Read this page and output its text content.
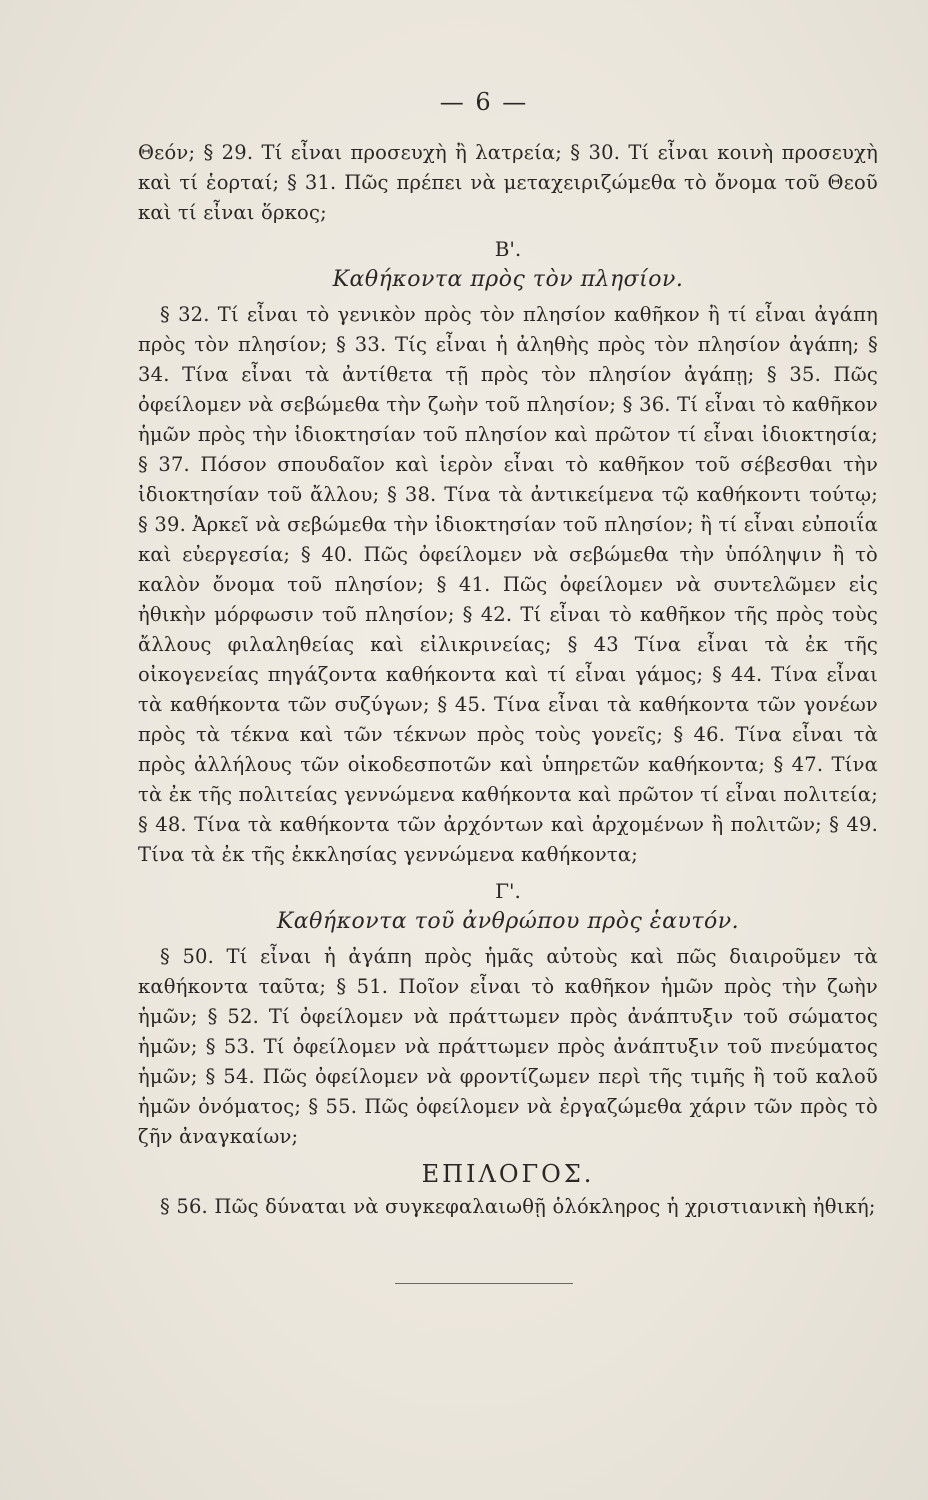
— 6 —

Θεόν; § 29. Τί εἶναι προσευχὴ ἢ λατρεία; § 30. Τί εἶναι κοινὴ προσευχὴ καὶ τί ἑορταί; § 31. Πῶς πρέπει νὰ μεταχειριζώμεθα τὸ ὄνομα τοῦ Θεοῦ καὶ τί εἶναι ὅρκος;

Β'.
Καθήκοντα πρὸς τὸν πλησίον.

§ 32. Τί εἶναι τὸ γενικὸν πρὸς τὸν πλησίον καθῆκον ἢ τί εἶναι ἀγάπη πρὸς τὸν πλησίον; § 33. Τίς εἶναι ἡ ἀληθὴς πρὸς τὸν πλησίον ἀγάπη; § 34. Τίνα εἶναι τὰ ἀντίθετα τῇ πρὸς τὸν πλησίον ἀγάπῃ; § 35. Πῶς ὀφείλομεν νὰ σεβώμεθα τὴν ζωὴν τοῦ πλησίον; § 36. Τί εἶναι τὸ καθῆκον ἡμῶν πρὸς τὴν ἰδιοκτησίαν τοῦ πλησίον καὶ πρῶτον τί εἶναι ἰδιοκτησία; § 37. Πόσον σπουδαῖον καὶ ἱερὸν εἶναι τὸ καθῆκον τοῦ σέβεσθαι τὴν ἰδιοκτησίαν τοῦ ἄλλου; § 38. Τίνα τὰ ἀντικείμενα τῷ καθήκοντι τούτῳ; § 39. Ἀρκεῖ νὰ σεβώμεθα τὴν ἰδιοκτησίαν τοῦ πλησίον; ἢ τί εἶναι εὐποιΐα καὶ εὐεργεσία; § 40. Πῶς ὀφείλομεν νὰ σεβώμεθα τὴν ὑπόληψιν ἢ τὸ καλὸν ὄνομα τοῦ πλησίον; § 41. Πῶς ὀφείλομεν νὰ συντελῶμεν εἰς ἠθικὴν μόρφωσιν τοῦ πλησίον; § 42. Τί εἶναι τὸ καθῆκον τῆς πρὸς τοὺς ἄλλους φιλαληθείας καὶ εἰλικρινείας; § 43 Τίνα εἶναι τὰ ἐκ τῆς οἰκογενείας πηγάζοντα καθήκοντα καὶ τί εἶναι γάμος; § 44. Τίνα εἶναι τὰ καθήκοντα τῶν συζύγων; § 45. Τίνα εἶναι τὰ καθήκοντα τῶν γονέων πρὸς τὰ τέκνα καὶ τῶν τέκνων πρὸς τοὺς γονεῖς; § 46. Τίνα εἶναι τὰ πρὸς ἀλλήλους τῶν οἰκοδεσποτῶν καὶ ὑπηρετῶν καθήκοντα; § 47. Τίνα τὰ ἐκ τῆς πολιτείας γεννώμενα καθήκοντα καὶ πρῶτον τί εἶναι πολιτεία; § 48. Τίνα τὰ καθήκοντα τῶν ἀρχόντων καὶ ἀρχομένων ἢ πολιτῶν; § 49. Τίνα τὰ ἐκ τῆς ἐκκλησίας γεννώμενα καθήκοντα;

Γ'.
Καθήκοντα τοῦ ἀνθρώπου πρὸς ἑαυτόν.

§ 50. Τί εἶναι ἡ ἀγάπη πρὸς ἡμᾶς αὐτοὺς καὶ πῶς διαιροῦμεν τὰ καθήκοντα ταῦτα; § 51. Ποῖον εἶναι τὸ καθῆκον ἡμῶν πρὸς τὴν ζωὴν ἡμῶν; § 52. Τί ὀφείλομεν νὰ πράττωμεν πρὸς ἀνάπτυξιν τοῦ σώματος ἡμῶν; § 53. Τί ὀφείλομεν νὰ πράττωμεν πρὸς ἀνάπτυξιν τοῦ πνεύματος ἡμῶν; § 54. Πῶς ὀφείλομεν νὰ φροντίζωμεν περὶ τῆς τιμῆς ἢ τοῦ καλοῦ ἡμῶν ὀνόματος; § 55. Πῶς ὀφείλομεν νὰ ἐργαζώμεθα χάριν τῶν πρὸς τὸ ζῆν ἀναγκαίων;

ΕΠΙΛΟΓΟΣ.

§ 56. Πῶς δύναται νὰ συγκεφαλαιωθῇ ὁλόκληρος ἡ χριστιανικὴ ἠθική;
